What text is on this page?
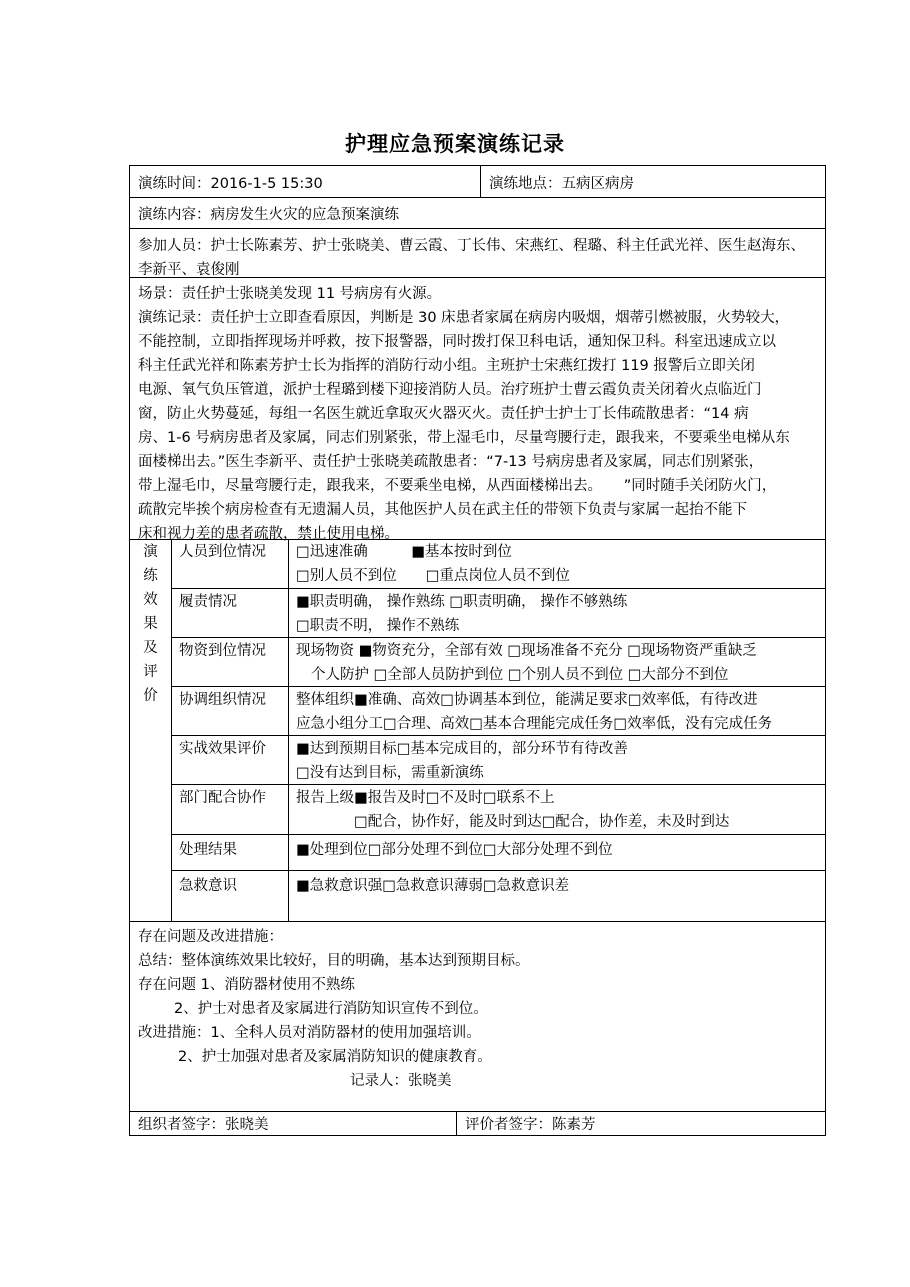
护理应急预案演练记录
演练时间：2016-1-5 15:30	演练地点：五病区病房
演练内容：病房发生火灾的应急预案演练

参加人员：护士长陈素芳、护士张晓美、曹云霞、丁长伟、宋燕红、程璐、科主任武光祥、医生赵海东、

李新平、袁俊刚

场景：责任护士张晓美发现 11 号病房有火源。

演练记录：责任护士立即查看原因，判断是 30 床患者家属在病房内吸烟，烟蒂引燃被服，火势较大，

不能控制，立即指挥现场并呼救，按下报警器，同时拨打保卫科电话，通知保卫科。科室迅速成立以

科主任武光祥和陈素芳护士长为指挥的消防行动小组。主班护士宋燕红拨打 119 报警后立即关闭

电源、氧气负压管道，派护士程璐到楼下迎接消防人员。治疗班护士曹云霞负责关闭着火点临近门

窗，防止火势蔓延，每组一名医生就近拿取灭火器灭火。责任护士护士丁长伟疏散患者：“14 病

房、1-6 号病房患者及家属，同志们别紧张，带上湿毛巾，尽量弯腰行走，跟我来，不要乘坐电梯从东

面楼梯出去。”医生李新平、责任护士张晓美疏散患者：“7-13 号病房患者及家属，同志们别紧张，

带上湿毛巾，尽量弯腰行走，跟我来，不要乘坐电梯，从西面楼梯出去。　　”同时随手关闭防火门，

疏散完毕挨个病房检查有无遗漏人员，其他医护人员在武主任的带领下负责与家属一起抬不能下

床和视力差的患者疏散，禁止使用电梯。

演
练
效
果
及
评
价
人员到位情况	□迅速准确　　　■基本按时到位

□别人员不到位　　□重点岗位人员不到位

履责情况	■职责明确， 操作熟练 □职责明确， 操作不够熟练

□职责不明， 操作不熟练

物资到位情况	现场物资 ■物资充分，全部有效 □现场准备不充分 □现场物资严重缺乏

个人防护 □全部人员防护到位 □个别人员不到位 □大部分不到位

协调组织情况	整体组织■准确、高效□协调基本到位，能满足要求□效率低，有待改进

应急小组分工□合理、高效□基本合理能完成任务□效率低，没有完成任务

实战效果评价	■达到预期目标□基本完成目的，部分环节有待改善

□没有达到目标，需重新演练

部门配合协作	报告上级■报告及时□不及时□联系不上

　　　　□配合，协作好，能及时到达□配合，协作差，未及时到达

处理结果	■处理到位□部分处理不到位□大部分处理不到位

急救意识	■急救意识强□急救意识薄弱□急救意识差

存在问题及改进措施：

总结：整体演练效果比较好，目的明确，基本达到预期目标。

存在问题 1、消防器材使用不熟练

2、护士对患者及家属进行消防知识宣传不到位。

改进措施：1、全科人员对消防器材的使用加强培训。

2、护士加强对患者及家属消防知识的健康教育。

记录人：张晓美

组织者签字：张晓美	评价者签字：陈素芳
